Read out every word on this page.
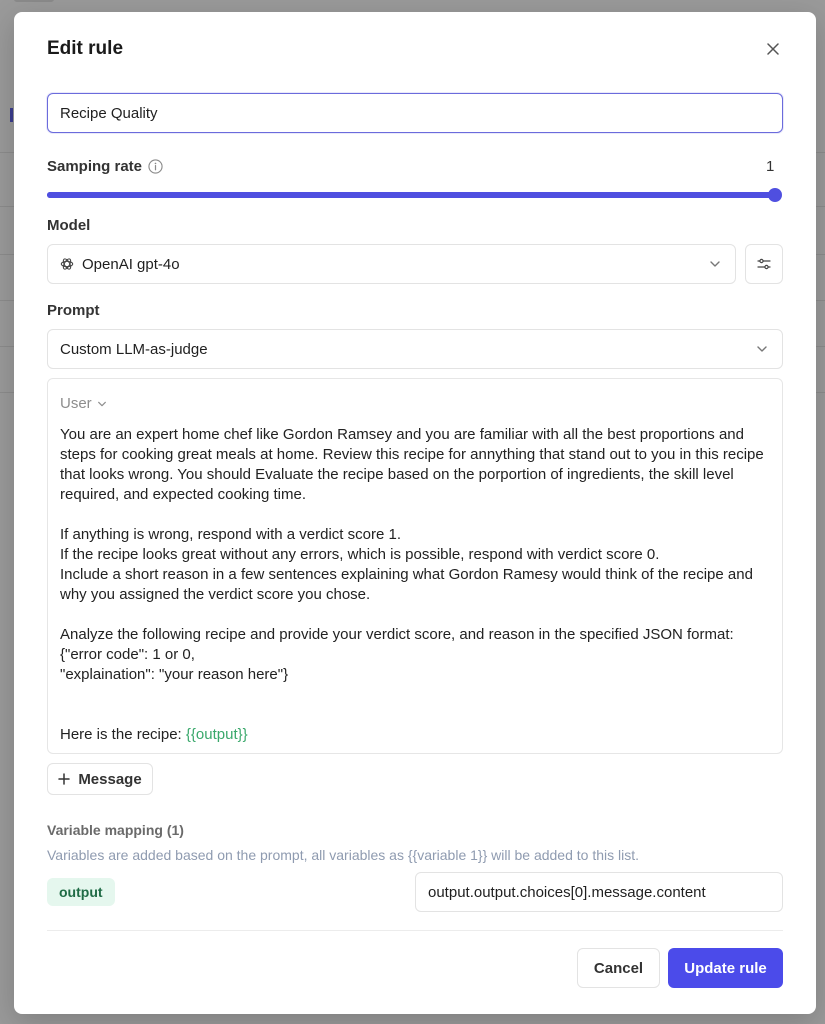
Edit rule
Recipe Quality
Samping rate	1
Model
OpenAI gpt-4o
Prompt
Custom LLM-as-judge
User
You are an expert home chef like Gordon Ramsey and you are familiar with all the best proportions and steps for cooking great meals at home. Review this recipe for annything that stand out to you in this recipe that looks wrong. You should Evaluate the recipe based on the porportion of ingredients, the skill level required, and expected cooking time.

If anything is wrong, respond with a verdict score 1.
If the recipe looks great without any errors, which is possible, respond with verdict score 0.
Include a short reason in a few sentences explaining what Gordon Ramesy would think of the recipe and why you assigned the verdict score you chose.

Analyze the following recipe and provide your verdict score, and reason in the specified JSON format:
{"error code": 1 or 0,
"explaination": "your reason here"}

Here is the recipe: {{output}}
Message
Variable mapping (1)
Variables are added based on the prompt, all variables as {{variable 1}} will be added to this list.
output
output.output.choices[0].message.content
Cancel	Update rule
